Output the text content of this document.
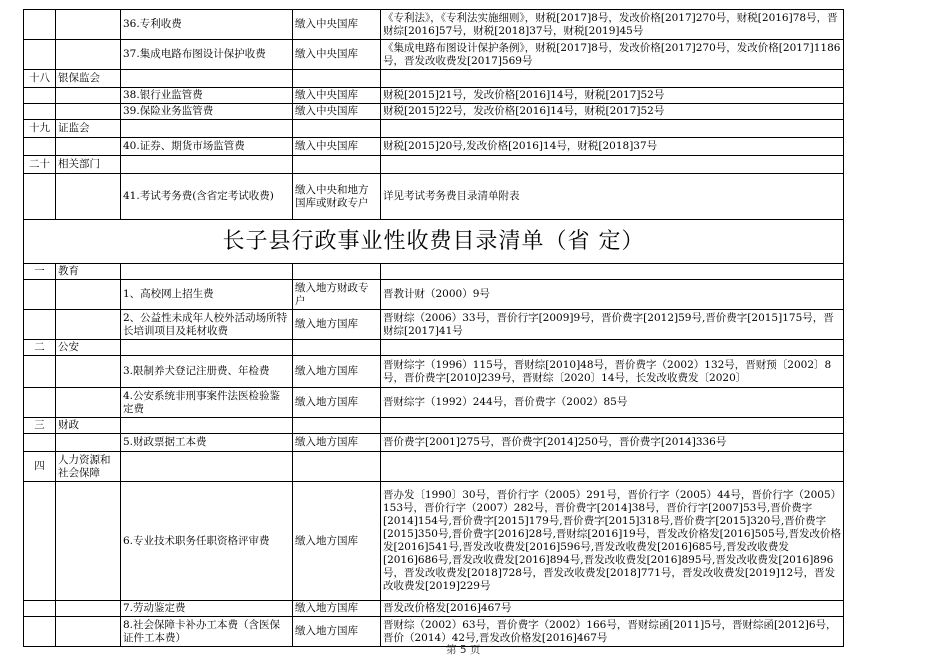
		36.专利收费	缴入中央国库	《专利法》，《专利法实施细则》，财税[2017]8号，发改价格[2017]270号，财税[2016]78号，晋财综[2016]57号，财税[2018]37号，财税[2019]45号
		37.集成电路布图设计保护收费	缴入中央国库	《集成电路布图设计保护条例》，财税[2017]8号，发改价格[2017]270号，发改价格[2017]1186号，晋发改收费发[2017]569号
十八	银保监会			
		38.银行业监管费	缴入中央国库	财税[2015]21号，发改价格[2016]14号，财税[2017]52号
		39.保险业务监管费	缴入中央国库	财税[2015]22号，发改价格[2016]14号，财税[2017]52号
十九	证监会			
		40.证券、期货市场监管费	缴入中央国库	财税[2015]20号,发改价格[2016]14号，财税[2018]37号
二十	相关部门			
		41.考试考务费(含省定考试收费)	缴入中央和地方国库或财政专户	详见考试考务费目录清单附表
长子县行政事业性收费目录清单（省 定）				
一	教育			
		1、高校网上招生费	缴入地方财政专户	晋教计财（2000）9号
		2、公益性未成年人校外活动场所特长培训项目及耗材收费	缴入地方国库	晋财综（2006）33号，晋价行字[2009]9号，晋价费字[2012]59号,晋价费字[2015]175号，晋财综[2017]41号
二	公安			
		3.限制养犬登记注册费、年检费	缴入地方国库	晋财综字（1996）115号，晋财综[2010]48号，晋价费字（2002）132号，晋财预〔2002〕8号，晋价费字[2010]239号，晋财综〔2020〕14号，长发改收费发〔2020〕
		4.公安系统非刑事案件法医检验鉴定费	缴入地方国库	晋财综字（1992）244号，晋价费字（2002）85号
三	财政			
		5.财政票据工本费	缴入地方国库	晋价费字[2001]275号，晋价费字[2014]250号，晋价费字[2014]336号
四	人力资源和社会保障			
		6.专业技术职务任职资格评审费	缴入地方国库	晋办发〔1990〕30号，晋价行字（2005）291号，晋价行字（2005）44号，晋价行字（2005）153号，晋价行字（2007）282号，晋价费字[2014]38号，晋价行字[2007]53号,晋价费字[2014]154号,晋价费字[2015]179号,晋价费字[2015]318号,晋价费字[2015]320号,晋价费字[2015]350号,晋价费字[2016]28号,晋财综[2016]19号，晋发改价格发[2016]505号,晋发改价格发[2016]541号,晋发改收费发[2016]596号,晋发改收费发[2016]685号,晋发改收费发[2016]686号,晋发改收费发[2016]894号,晋发改收费发[2016]895号,晋发改收费发[2016]896号，晋发改收费发[2018]728号，晋发改收费发[2018]771号，晋发改收费发[2019]12号，晋发改收费发[2019]229号
		7.劳动鉴定费	缴入地方国库	晋发改价格发[2016]467号
		8.社会保障卡补办工本费（含医保证件工本费）	缴入地方国库	晋财综（2002）63号，晋价费字（2002）166号，晋财综函[2011]5号，晋财综函[2012]6号，晋价（2014）42号,晋发改价格发[2016]467号
第 5 页
